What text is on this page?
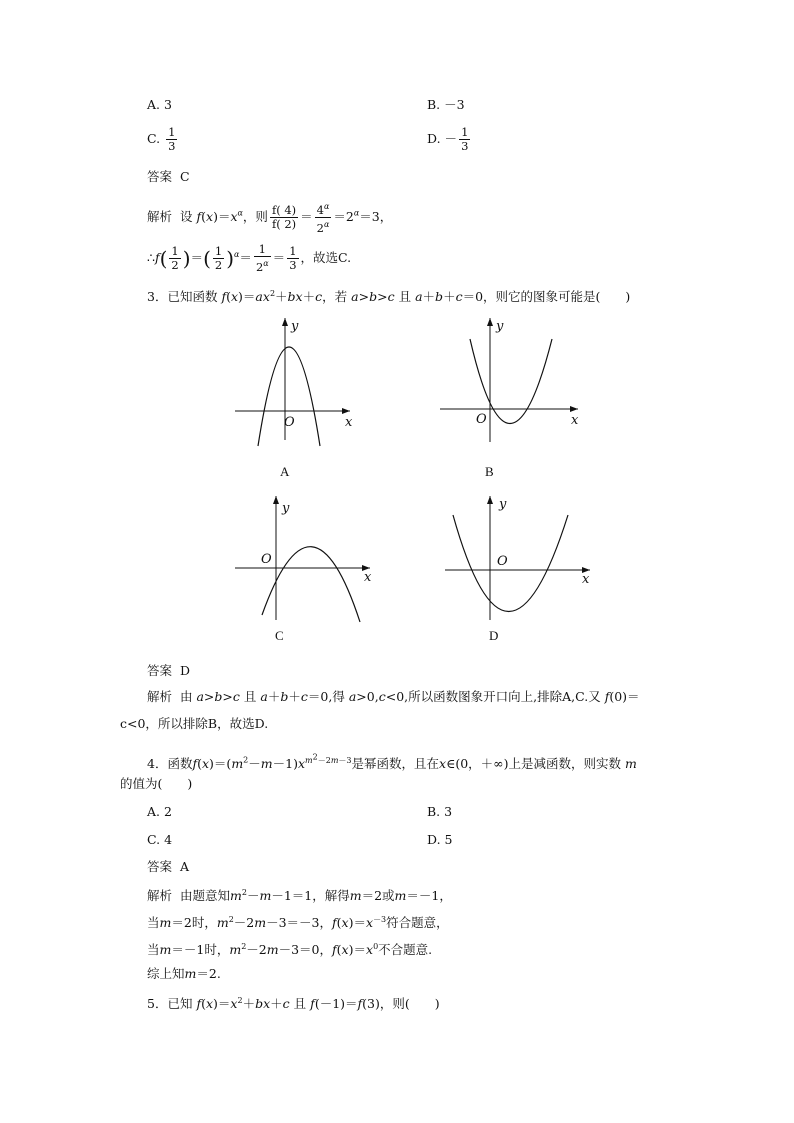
A. 3	B. －3
C. $\frac{1}{3}$	D. － $\frac{1}{3}$
答案 C
解析 设 $f(x)=x^\alpha$，则 $\frac{f( 4)}{f( 2)} = \frac{4^\alpha}{2^\alpha} =2^\alpha=3$，
∴f( $\frac{1}{2}$ )＝( $\frac{1}{2} )^\alpha= \frac{1}{2^\alpha} = \frac{1}{3}$ ，故选C.
3．已知函数 $f(x)=ax^2+bx+c$，若 a>b>c 且 a＋b＋c＝0，则它的图象可能是(　　)
y
x
O
A
y
x
O
B
y
x
O
C
y
x
O
D
答案 D
解析 由 a>b>c 且 a＋b＋c＝0,得 a>0,c<0,所以函数图象开口向上,排除A,C.又 f(0)＝
c<0，所以排除B，故选D.
4．函数$f(x)=(m^2-m-1)x^{m^2-2m-3}$是幂函数，且在x∈(0，＋∞)上是减函数，则实数 m
的值为(　　)
A. 2	B. 3
C. 4	D. 5
答案 A
解析 由题意知$m^2-m-1=1$，解得m＝2或m＝－1，
当m＝2时，$m^2-2m-3=-3$，$f(x)=x^{-3}$符合题意，
当m＝－1时，$m^2-2m-3=0$，$f(x)=x^0$不合题意.
综上知m＝2.
5．已知 $f(x)=x^2+bx+c$ 且 f(－1)＝f(3)，则(　　)
